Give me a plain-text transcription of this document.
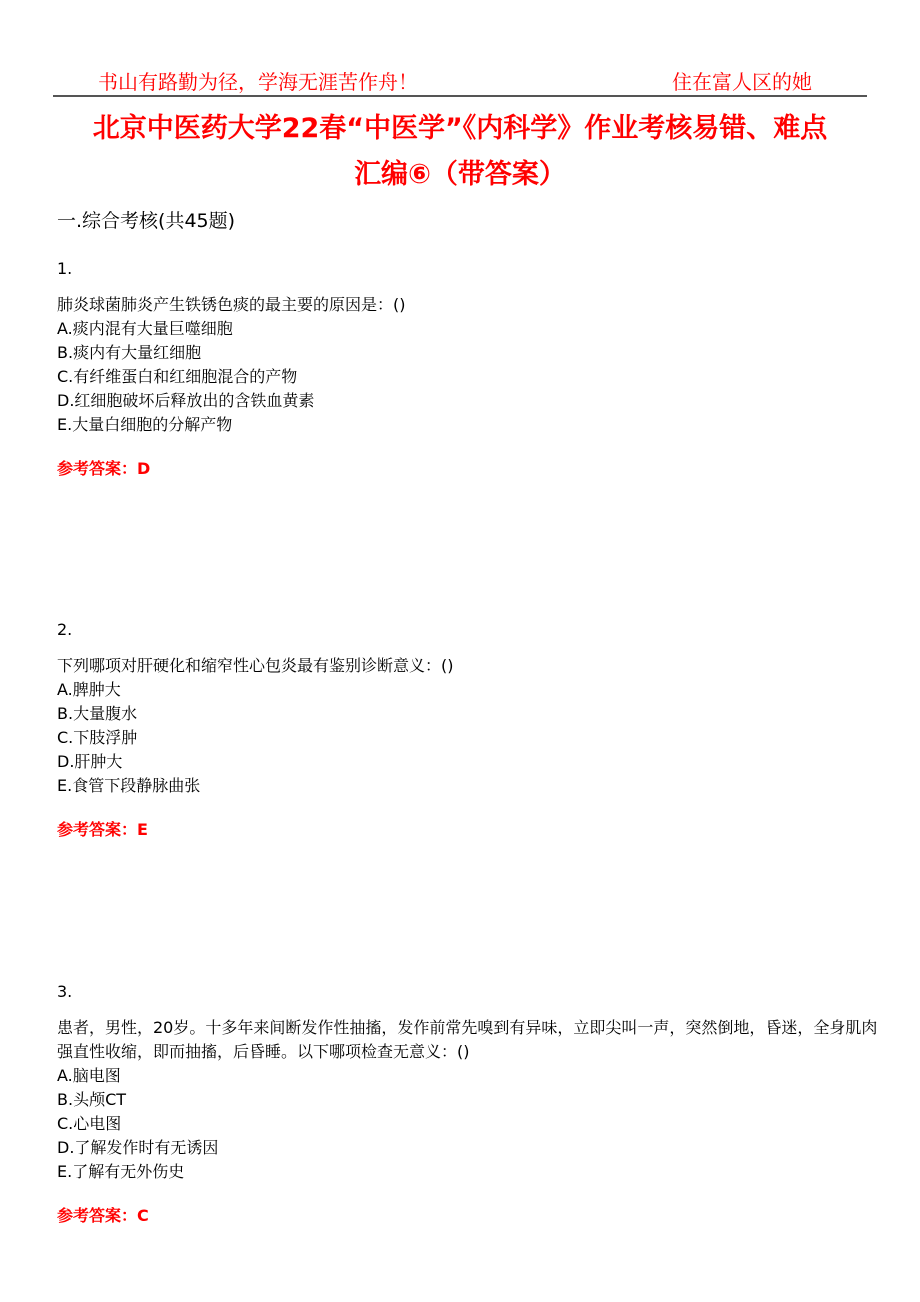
书山有路勤为径，学海无涯苦作舟！	住在富人区的她
北京中医药大学22春“中医学”《内科学》作业考核易错、难点
汇编⑥（带答案）
一.综合考核(共45题)
1.
肺炎球菌肺炎产生铁锈色痰的最主要的原因是：()
A.痰内混有大量巨噬细胞
B.痰内有大量红细胞
C.有纤维蛋白和红细胞混合的产物
D.红细胞破坏后释放出的含铁血黄素
E.大量白细胞的分解产物
参考答案：D
2.
下列哪项对肝硬化和缩窄性心包炎最有鉴别诊断意义：()
A.脾肿大
B.大量腹水
C.下肢浮肿
D.肝肿大
E.食管下段静脉曲张
参考答案：E
3.
患者，男性，20岁。十多年来间断发作性抽搐，发作前常先嗅到有异味，立即尖叫一声，突然倒地，昏迷，全身肌肉强直性收缩，即而抽搐，后昏睡。以下哪项检查无意义：()
A.脑电图
B.头颅CT
C.心电图
D.了解发作时有无诱因
E.了解有无外伤史
参考答案：C
